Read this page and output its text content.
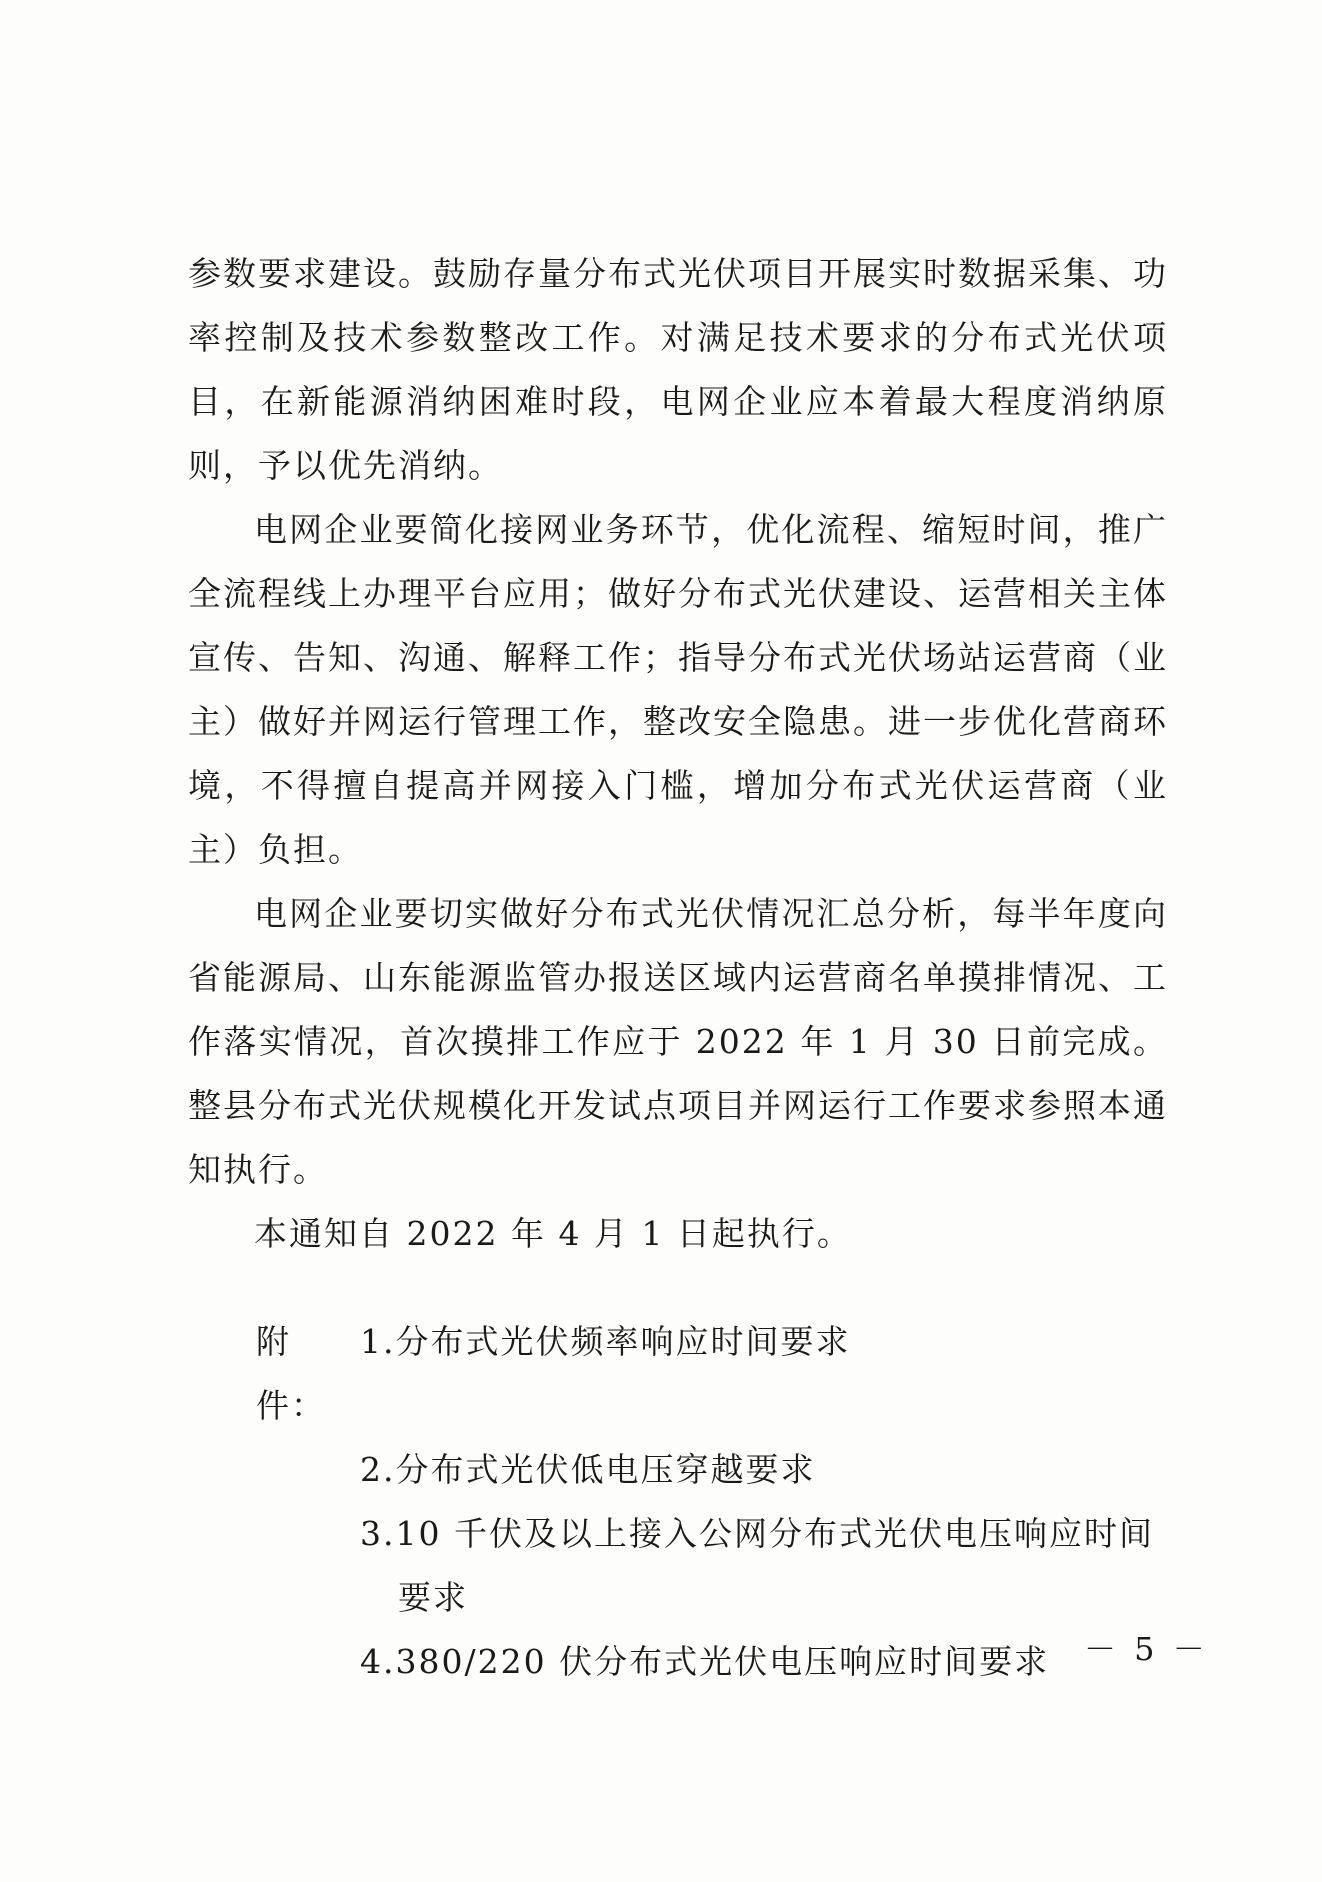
参数要求建设。鼓励存量分布式光伏项目开展实时数据采集、功率控制及技术参数整改工作。对满足技术要求的分布式光伏项目，在新能源消纳困难时段，电网企业应本着最大程度消纳原则，予以优先消纳。

电网企业要简化接网业务环节，优化流程、缩短时间，推广全流程线上办理平台应用；做好分布式光伏建设、运营相关主体宣传、告知、沟通、解释工作；指导分布式光伏场站运营商（业主）做好并网运行管理工作，整改安全隐患。进一步优化营商环境，不得擅自提高并网接入门槛，增加分布式光伏运营商（业主）负担。

电网企业要切实做好分布式光伏情况汇总分析，每半年度向省能源局、山东能源监管办报送区域内运营商名单摸排情况、工作落实情况，首次摸排工作应于 2022 年 1 月 30 日前完成。整县分布式光伏规模化开发试点项目并网运行工作要求参照本通知执行。

本通知自 2022 年 4 月 1 日起执行。

附件：
1.分布式光伏频率响应时间要求
2.分布式光伏低电压穿越要求
3.10 千伏及以上接入公网分布式光伏电压响应时间
要求
4.380/220 伏分布式光伏电压响应时间要求	－ 5 －
